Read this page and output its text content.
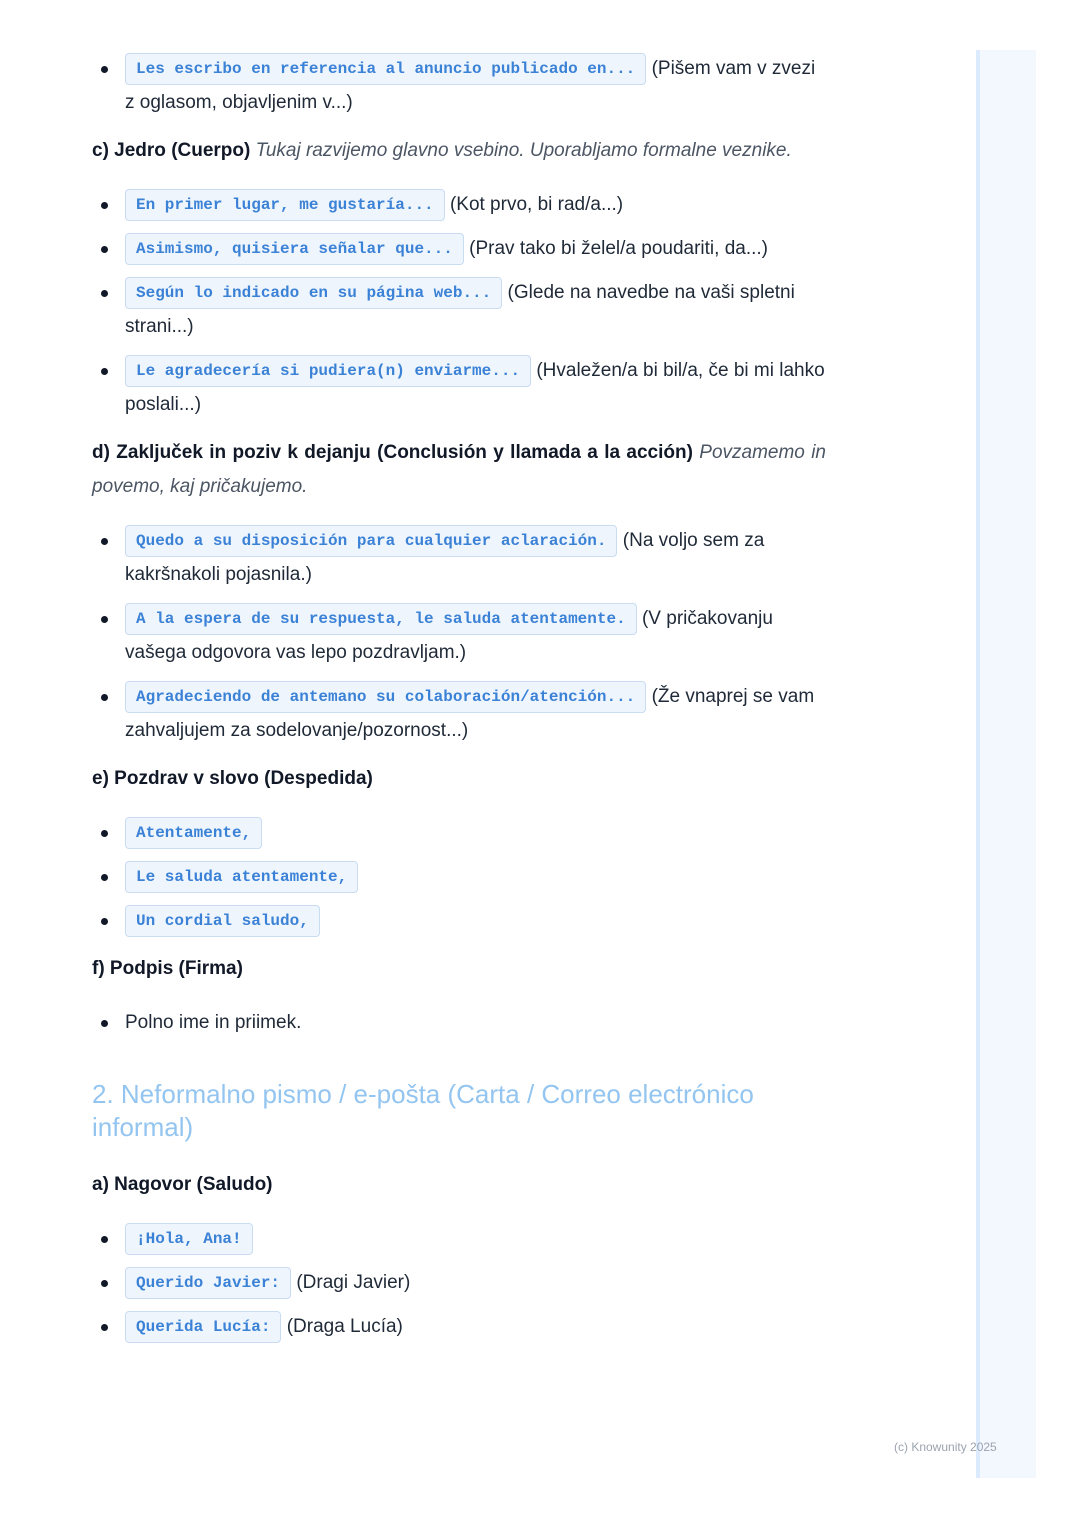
Les escribo en referencia al anuncio publicado en... (Pišem vam v zvezi z oglasom, objavljenim v...)
c) Jedro (Cuerpo) Tukaj razvijemo glavno vsebino. Uporabljamo formalne veznike.
En primer lugar, me gustaría... (Kot prvo, bi rad/a...)
Asimismo, quisiera señalar que... (Prav tako bi želel/a poudariti, da...)
Según lo indicado en su página web... (Glede na navedbe na vaši spletni strani...)
Le agradecería si pudiera(n) enviarme... (Hvaležen/a bi bil/a, če bi mi lahko poslali...)
d) Zaključek in poziv k dejanju (Conclusión y llamada a la acción) Povzamemo in povemo, kaj pričakujemo.
Quedo a su disposición para cualquier aclaración. (Na voljo sem za kakršnakoli pojasnila.)
A la espera de su respuesta, le saluda atentamente. (V pričakovanju vašega odgovora vas lepo pozdravljam.)
Agradeciendo de antemano su colaboración/atención... (Že vnaprej se vam zahvaljujem za sodelovanje/pozornost...)
e) Pozdrav v slovo (Despedida)
Atentamente,
Le saluda atentamente,
Un cordial saludo,
f) Podpis (Firma)
Polno ime in priimek.
2. Neformalno pismo / e-pošta (Carta / Correo electrónico informal)
a) Nagovor (Saludo)
¡Hola, Ana!
Querido Javier: (Dragi Javier)
Querida Lucía: (Draga Lucía)
(c) Knowunity 2025
